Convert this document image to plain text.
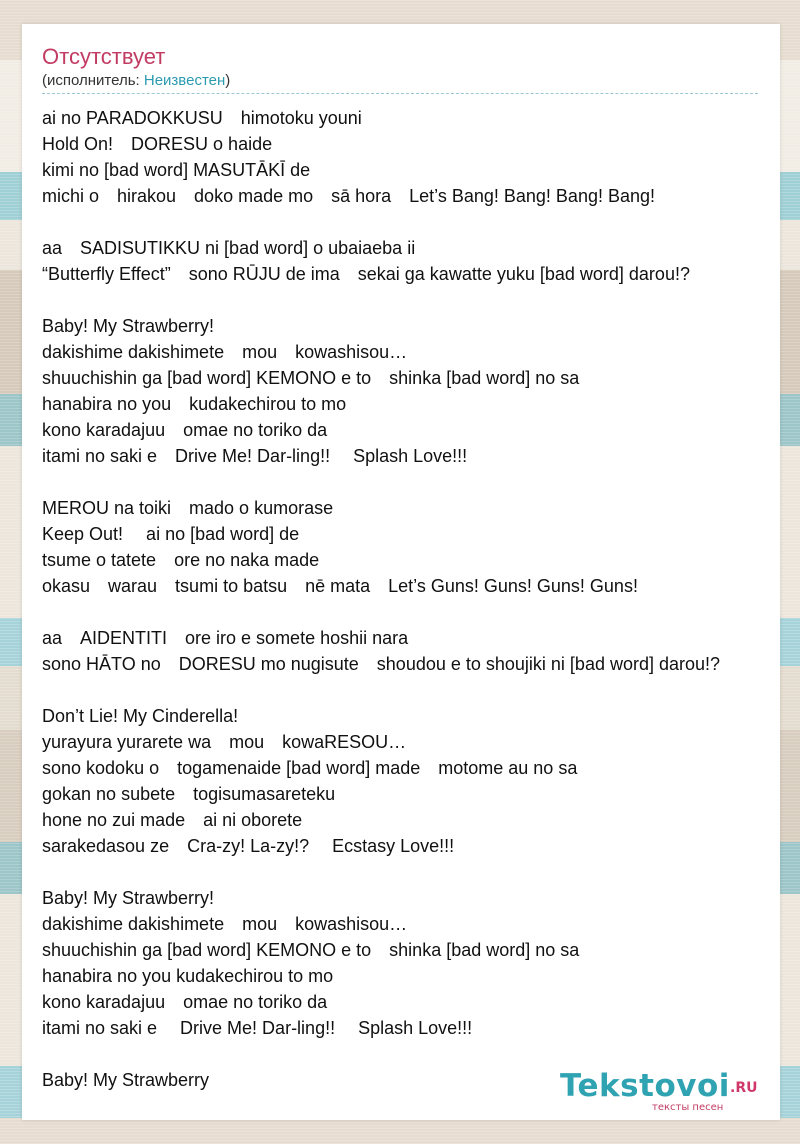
Отсутствует
(исполнитель: Неизвестен)
ai no PARADOKKUSU　himotoku youni
Hold On!　DORESU o haide
kimi no [bad word] MASUTĀKĪ de
michi o　hirakou　doko made mo　sā hora　Let’s Bang! Bang! Bang! Bang!
aa　SADISUTIKKU ni [bad word] o ubaiaeba ii
“Butterfly Effect”　sono RŪJU de ima　sekai ga kawatte yuku [bad word] darou!?
Baby! My Strawberry!
dakishime dakishimete　mou　kowashisou…
shuuchishin ga [bad word] KEMONO e to　shinka [bad word] no sa
hanabira no you　kudakechirou to mo
kono karadajuu　omae no toriko da
itami no saki e　Drive Me! Dar-ling!!　 Splash Love!!!
MEROU na toiki　mado o kumorase
Keep Out!　 ai no [bad word] de
tsume o tatete　ore no naka made
okasu　warau　tsumi to batsu　nē mata　Let’s Guns! Guns! Guns! Guns!
aa　AIDENTITI　ore iro e somete hoshii nara
sono HĀTO no　DORESU mo nugisute　shoudou e to shoujiki ni [bad word] darou!?
Don’t Lie! My Cinderella!
yurayura yurarete wa　mou　kowaRESOU…
sono kodoku o　togamenaide [bad word] made　motome au no sa
gokan no subete　togisumasareteku
hone no zui made　ai ni oborete
sarakedasou ze　Cra-zy! La-zy!?　 Ecstasy Love!!!
Baby! My Strawberry!
dakishime dakishimete　mou　kowashisou…
shuuchishin ga [bad word] KEMONO e to　shinka [bad word] no sa
hanabira no you kudakechirou to mo
kono karadajuu　omae no toriko da
itami no saki e　 Drive Me! Dar-ling!!　 Splash Love!!!
Baby! My Strawberry	Tekstovoi .RU
тексты песен
